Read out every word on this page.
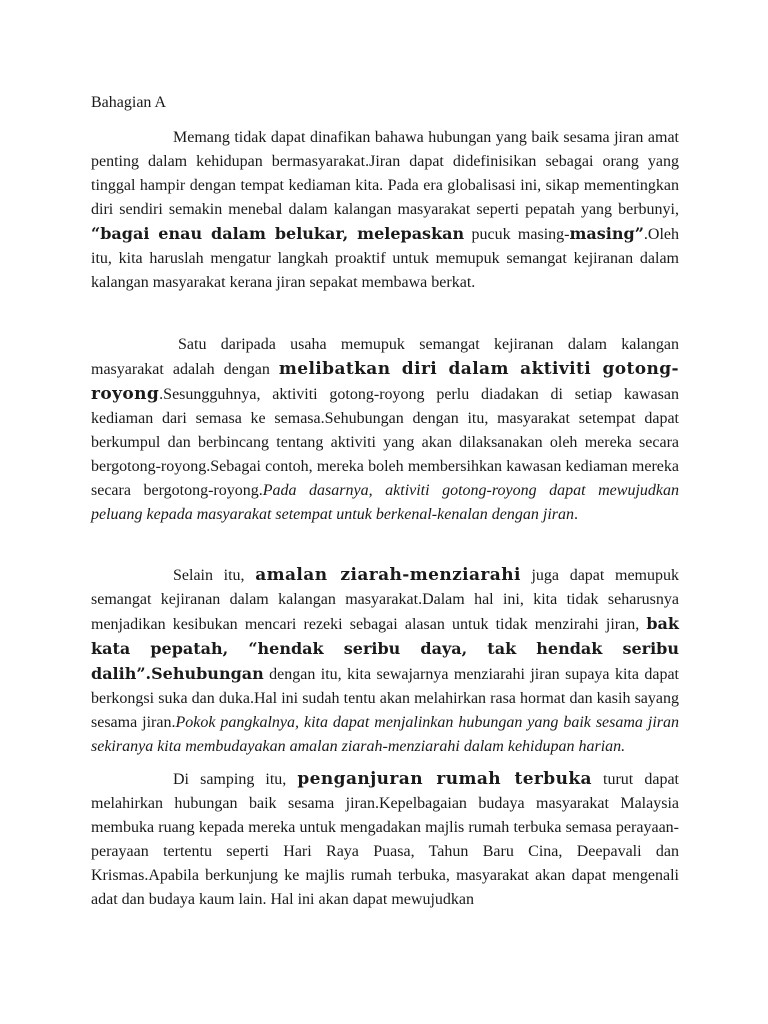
Bahagian A

Memang tidak dapat dinafikan bahawa hubungan yang baik sesama jiran amat penting dalam kehidupan bermasyarakat.Jiran dapat didefinisikan sebagai orang yang tinggal hampir dengan tempat kediaman kita. Pada era globalisasi ini, sikap mementingkan diri sendiri semakin menebal dalam kalangan masyarakat seperti pepatah yang berbunyi, “bagai enau dalam belukar, melepaskan pucuk masing-masing”.Oleh itu, kita haruslah mengatur langkah proaktif untuk memupuk semangat kejiranan dalam kalangan masyarakat kerana jiran sepakat membawa berkat.

Satu daripada usaha memupuk semangat kejiranan dalam kalangan masyarakat adalah dengan melibatkan diri dalam aktiviti gotong-royong.Sesungguhnya, aktiviti gotong-royong perlu diadakan di setiap kawasan kediaman dari semasa ke semasa.Sehubungan dengan itu, masyarakat setempat dapat berkumpul dan berbincang tentang aktiviti yang akan dilaksanakan oleh mereka secara bergotong-royong.Sebagai contoh, mereka boleh membersihkan kawasan kediaman mereka secara bergotong-royong.Pada dasarnya, aktiviti gotong-royong dapat mewujudkan peluang kepada masyarakat setempat untuk berkenal-kenalan dengan jiran.

Selain itu, amalan ziarah-menziarahi juga dapat memupuk semangat kejiranan dalam kalangan masyarakat.Dalam hal ini, kita tidak seharusnya menjadikan kesibukan mencari rezeki sebagai alasan untuk tidak menzirahi jiran, bak kata pepatah, “hendak seribu daya, tak hendak seribu dalih”.Sehubungan dengan itu, kita sewajarnya menziarahi jiran supaya kita dapat berkongsi suka dan duka.Hal ini sudah tentu akan melahirkan rasa hormat dan kasih sayang sesama jiran.Pokok pangkalnya, kita dapat menjalinkan hubungan yang baik sesama jiran sekiranya kita membudayakan amalan ziarah-menziarahi dalam kehidupan harian.

Di samping itu, penganjuran rumah terbuka turut dapat melahirkan hubungan baik sesama jiran.Kepelbagaian budaya masyarakat Malaysia membuka ruang kepada mereka untuk mengadakan majlis rumah terbuka semasa perayaan-perayaan tertentu seperti Hari Raya Puasa, Tahun Baru Cina, Deepavali dan Krismas.Apabila berkunjung ke majlis rumah terbuka, masyarakat akan dapat mengenali adat dan budaya kaum lain. Hal ini akan dapat mewujudkan
